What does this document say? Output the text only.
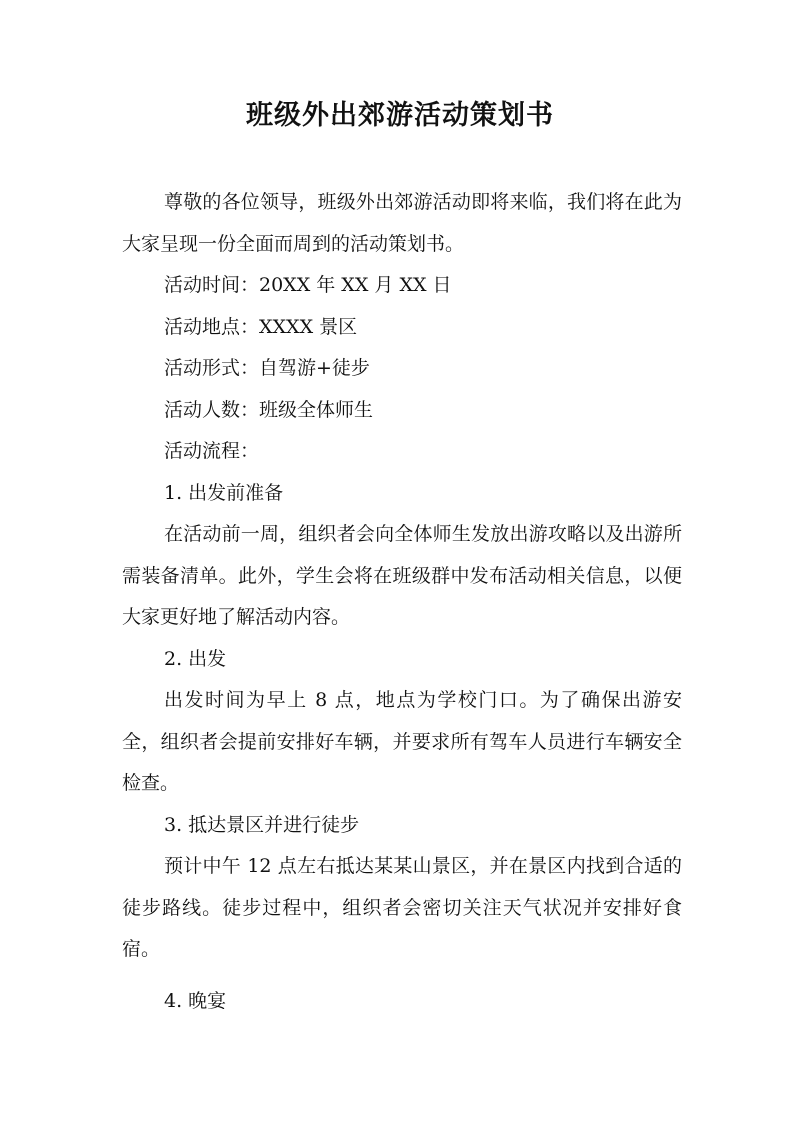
班级外出郊游活动策划书

尊敬的各位领导，班级外出郊游活动即将来临，我们将在此为大家呈现一份全面而周到的活动策划书。

活动时间：20XX 年 XX 月 XX 日

活动地点：XXXX 景区

活动形式：自驾游+徒步

活动人数：班级全体师生

活动流程：

1. 出发前准备

在活动前一周，组织者会向全体师生发放出游攻略以及出游所需装备清单。此外，学生会将在班级群中发布活动相关信息，以便大家更好地了解活动内容。

2. 出发

出发时间为早上 8 点，地点为学校门口。为了确保出游安全，组织者会提前安排好车辆，并要求所有驾车人员进行车辆安全检查。

3. 抵达景区并进行徒步

预计中午 12 点左右抵达某某山景区，并在景区内找到合适的徒步路线。徒步过程中，组织者会密切关注天气状况并安排好食宿。

4. 晚宴
